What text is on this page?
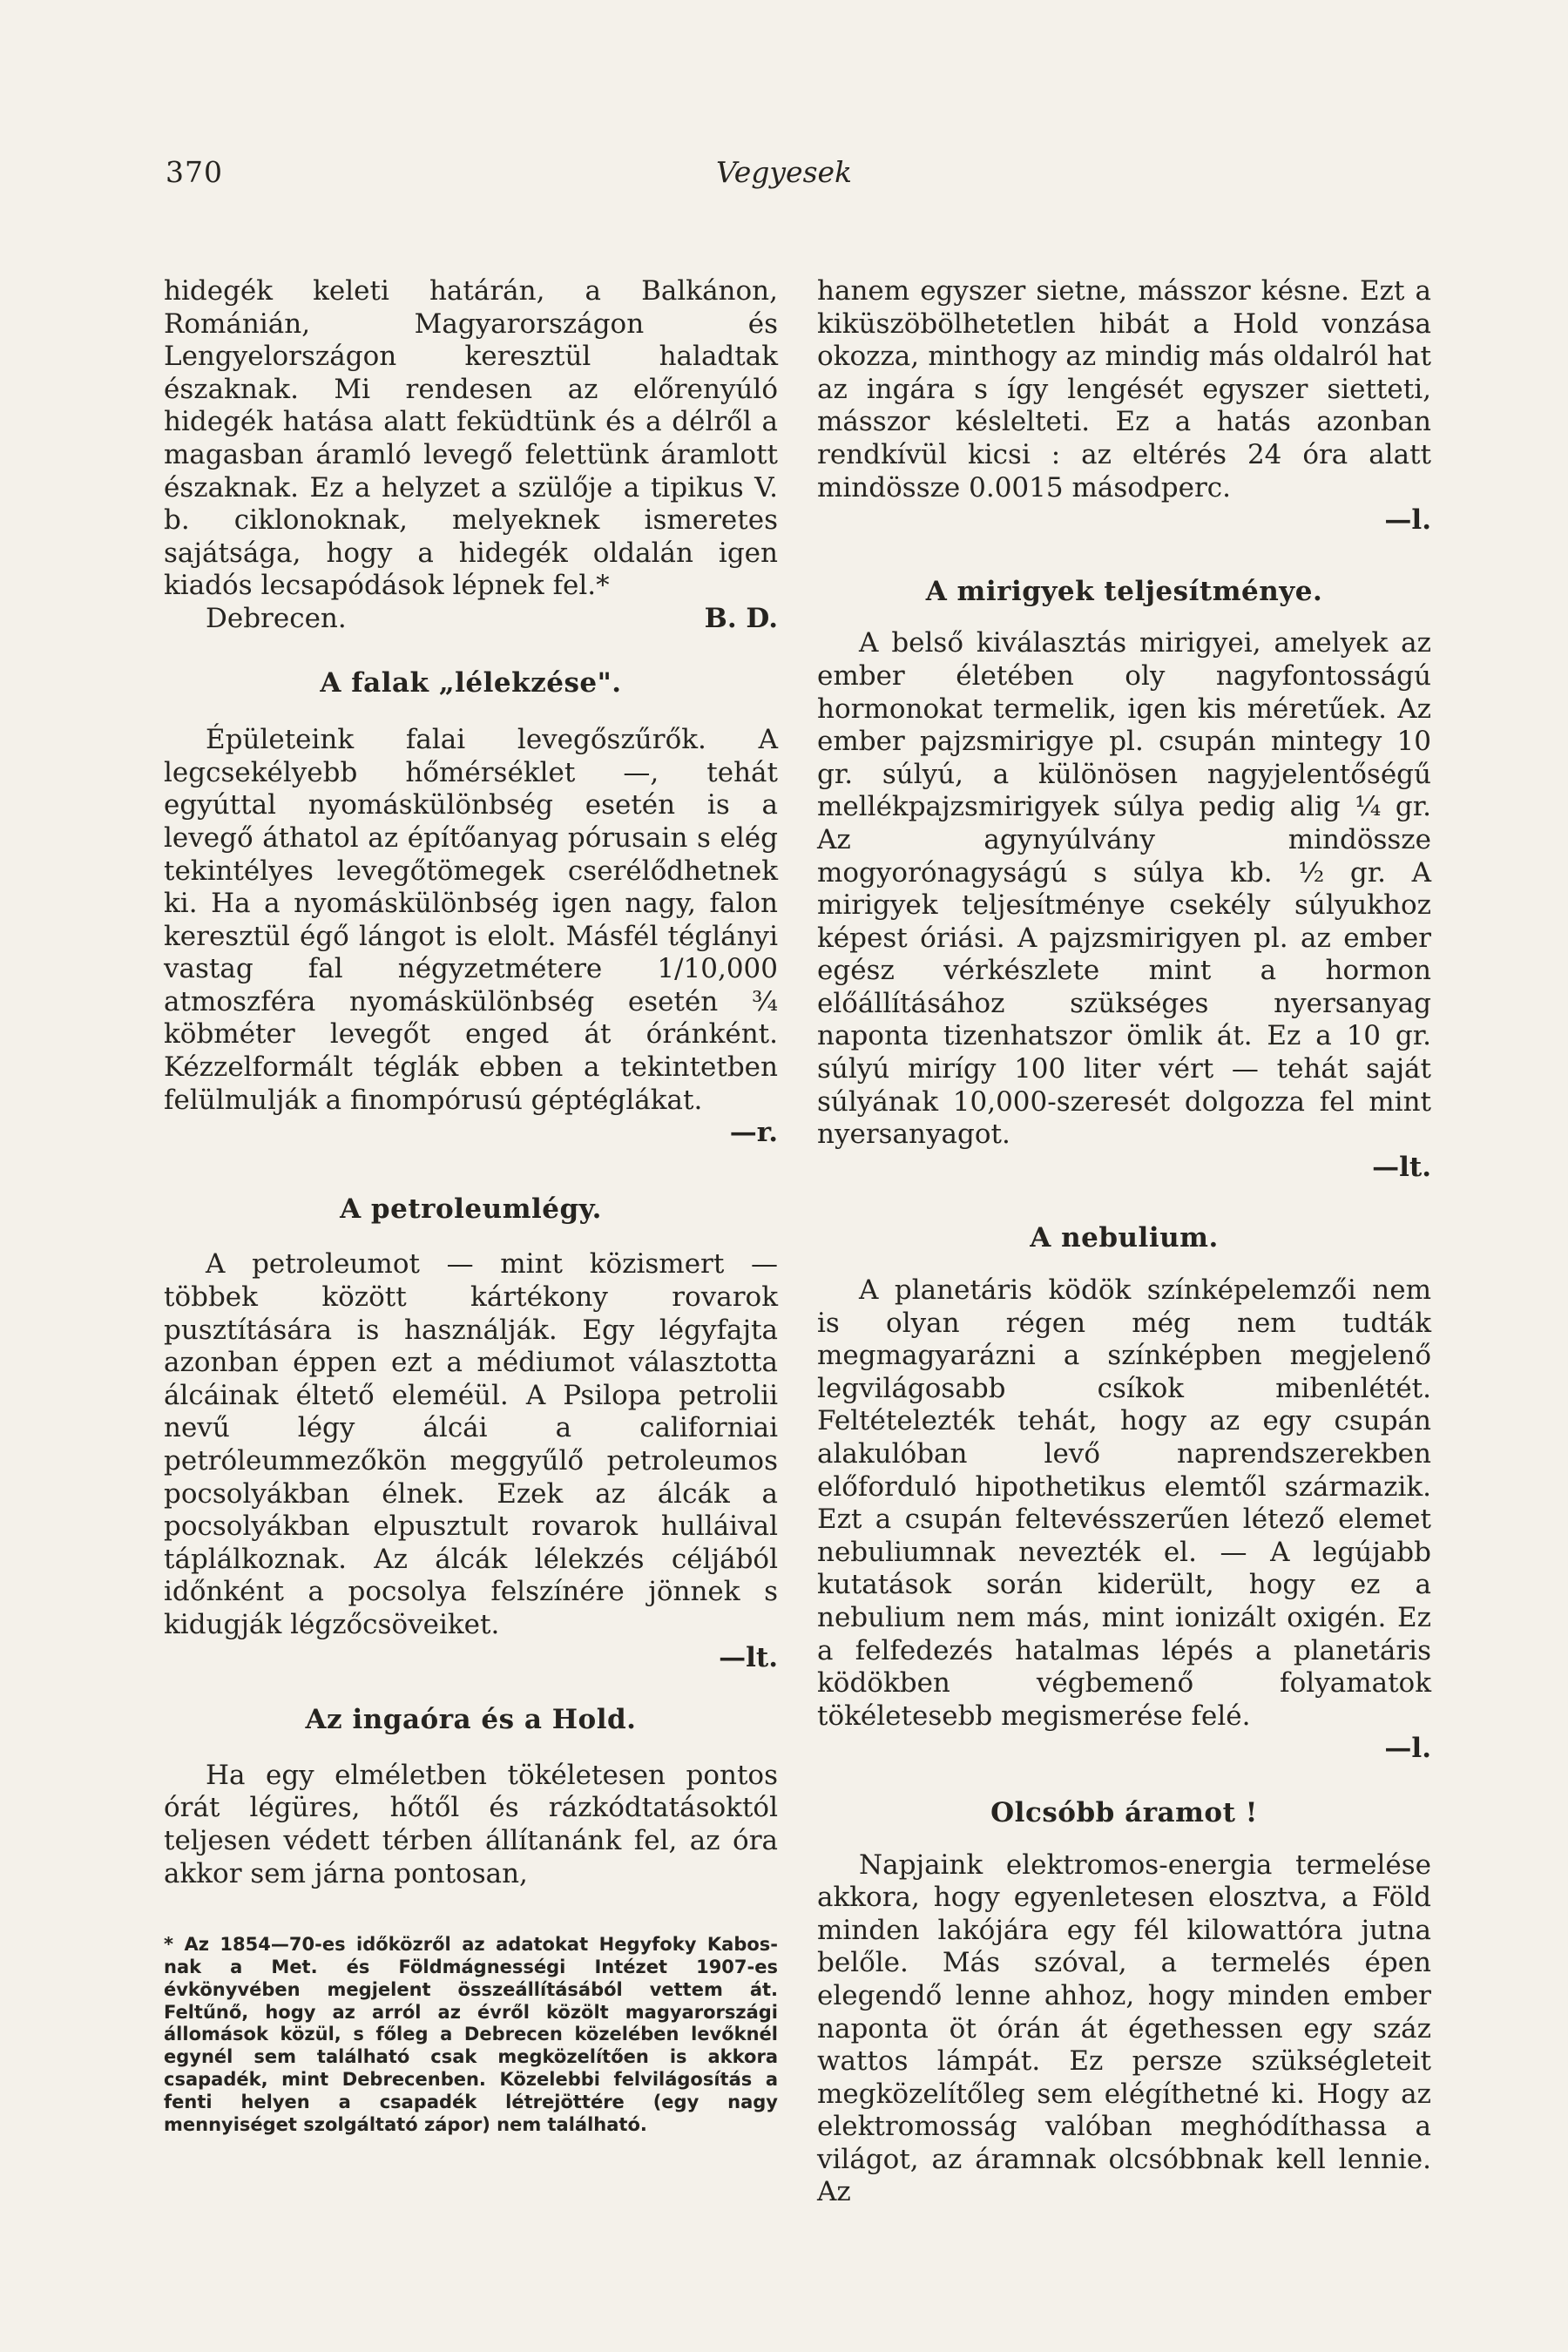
370	Vegyesek

hidegék keleti határán, a Balkánon, Románián, Magyarországon és Lengyelországon keresztül haladtak északnak. Mi rendesen az előrenyúló hidegék hatása alatt feküdtünk és a délről a magasban áramló levegő felettünk áramlott északnak. Ez a helyzet a szülője a tipikus V. b. ciklonoknak, melyeknek ismeretes sajátsága, hogy a hidegék oldalán igen kiadós lecsapódások lépnek fel.*

Debrecen.	B. D.
A falak „lélekzése".

Épületeink falai levegőszűrők. A legcsekélyebb hőmérséklet —, tehát egyúttal nyomáskülönbség esetén is a levegő áthatol az építőanyag pórusain s elég tekintélyes levegőtömegek cserélődhetnek ki. Ha a nyomáskülönbség igen nagy, falon keresztül égő lángot is elolt. Másfél téglányi vastag fal négyzetmétere 1/10,000 atmoszféra nyomáskülönbség esetén ¾ köbméter levegőt enged át óránként. Kézzelformált téglák ebben a tekintetben felülmulják a finompórusú géptéglákat.

—r.
A petroleumlégy.

A petroleumot — mint közismert — többek között kártékony rovarok pusztítására is használják. Egy légyfajta azonban éppen ezt a médiumot választotta álcáinak éltető eleméül. A Psilopa petrolii nevű légy álcái a californiai petróleummezőkön meggyűlő petroleumos pocsolyákban élnek. Ezek az álcák a pocsolyákban elpusztult rovarok hulláival táplálkoznak. Az álcák lélekzés céljából időnként a pocsolya felszínére jönnek s kidugják légzőcsöveiket.

—lt.
Az ingaóra és a Hold.

Ha egy elméletben tökéletesen pontos órát légüres, hőtől és rázkódtatásoktól teljesen védett térben állítanánk fel, az óra akkor sem járna pontosan,

* Az 1854—70-es időközről az adatokat Hegyfoky Kabos-nak a Met. és Földmágnességi Intézet 1907-es évkönyvében megjelent összeállításából vettem át. Feltűnő, hogy az arról az évről közölt magyarországi állomások közül, s főleg a Debrecen közelében levőknél egynél sem található csak megközelítően is akkora csapadék, mint Debrecenben. Közelebbi felvilágosítás a fenti helyen a csapadék létrejöttére (egy nagy mennyiséget szolgáltató zápor) nem található.

hanem egyszer sietne, másszor késne. Ezt a kiküszöbölhetetlen hibát a Hold vonzása okozza, minthogy az mindig más oldalról hat az ingára s így lengését egyszer sietteti, másszor késlelteti. Ez a hatás azonban rendkívül kicsi : az eltérés 24 óra alatt mindössze 0.0015 másodperc.

—l.
A mirigyek teljesítménye.

A belső kiválasztás mirigyei, amelyek az ember életében oly nagyfontosságú hormonokat termelik, igen kis méretűek. Az ember pajzsmirigye pl. csupán mintegy 10 gr. súlyú, a különösen nagyjelentőségű mellékpajzsmirigyek súlya pedig alig ¼ gr. Az agynyúlvány mindössze mogyorónagyságú s súlya kb. ½ gr. A mirigyek teljesítménye csekély súlyukhoz képest óriási. A pajzsmirigyen pl. az ember egész vérkészlete mint a hormon előállításához szükséges nyersanyag naponta tizenhatszor ömlik át. Ez a 10 gr. súlyú mirígy 100 liter vért — tehát saját súlyának 10,000-szeresét dolgozza fel mint nyersanyagot.

—lt.
A nebulium.

A planetáris ködök színképelemzői nem is olyan régen még nem tudták megmagyarázni a színképben megjelenő legvilágosabb csíkok mibenlétét. Feltételezték tehát, hogy az egy csupán alakulóban levő naprendszerekben előforduló hipothetikus elemtől származik. Ezt a csupán feltevésszerűen létező elemet nebuliumnak nevezték el. — A legújabb kutatások során kiderült, hogy ez a nebulium nem más, mint ionizált oxigén. Ez a felfedezés hatalmas lépés a planetáris ködökben végbemenő folyamatok tökéletesebb megismerése felé.

—l.
Olcsóbb áramot !

Napjaink elektromos-energia termelése akkora, hogy egyenletesen elosztva, a Föld minden lakójára egy fél kilowattóra jutna belőle. Más szóval, a termelés épen elegendő lenne ahhoz, hogy minden ember naponta öt órán át égethessen egy száz wattos lámpát. Ez persze szükségleteit megközelítőleg sem elégíthetné ki. Hogy az elektromosság valóban meghódíthassa a világot, az áramnak olcsóbbnak kell lennie. Az
